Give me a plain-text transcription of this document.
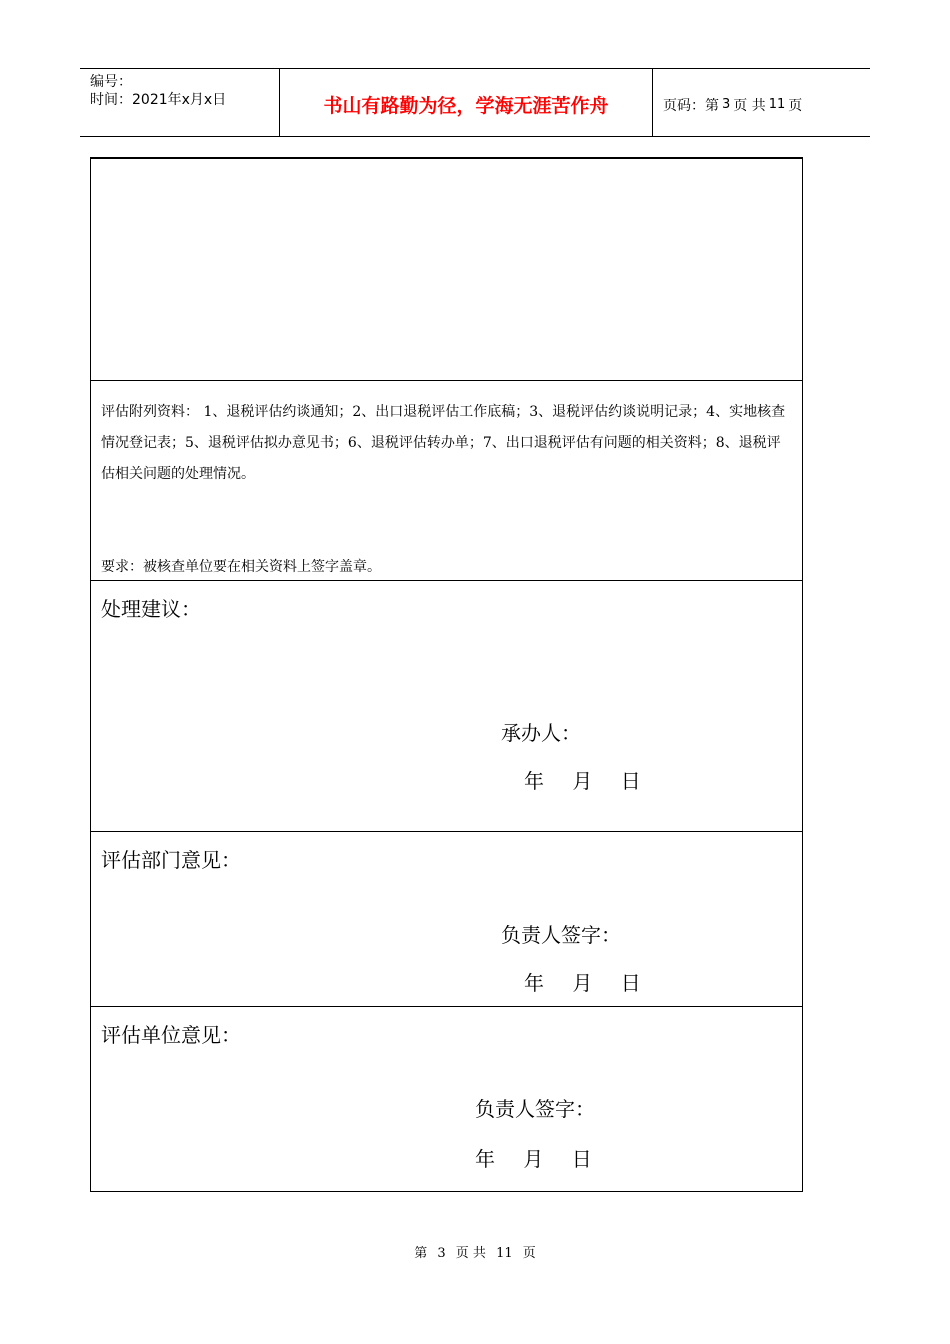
编号：
时间：2021年x月x日	书山有路勤为径，学海无涯苦作舟	页码：第 3 页 共 11 页
评估附列资料： 1、退税评估约谈通知；2、出口退税评估工作底稿；3、退税评估约谈说明记录；4、实地核查情况登记表；5、退税评估拟办意见书；6、退税评估转办单；7、出口退税评估有问题的相关资料；8、退税评估相关问题的处理情况。
要求：被核查单位要在相关资料上签字盖章。
处理建议：
承办人：
年 月 日
评估部门意见：
负责人签字：
年 月 日
评估单位意见：
负责人签字：
年 月 日
第 3 页 共 11 页
